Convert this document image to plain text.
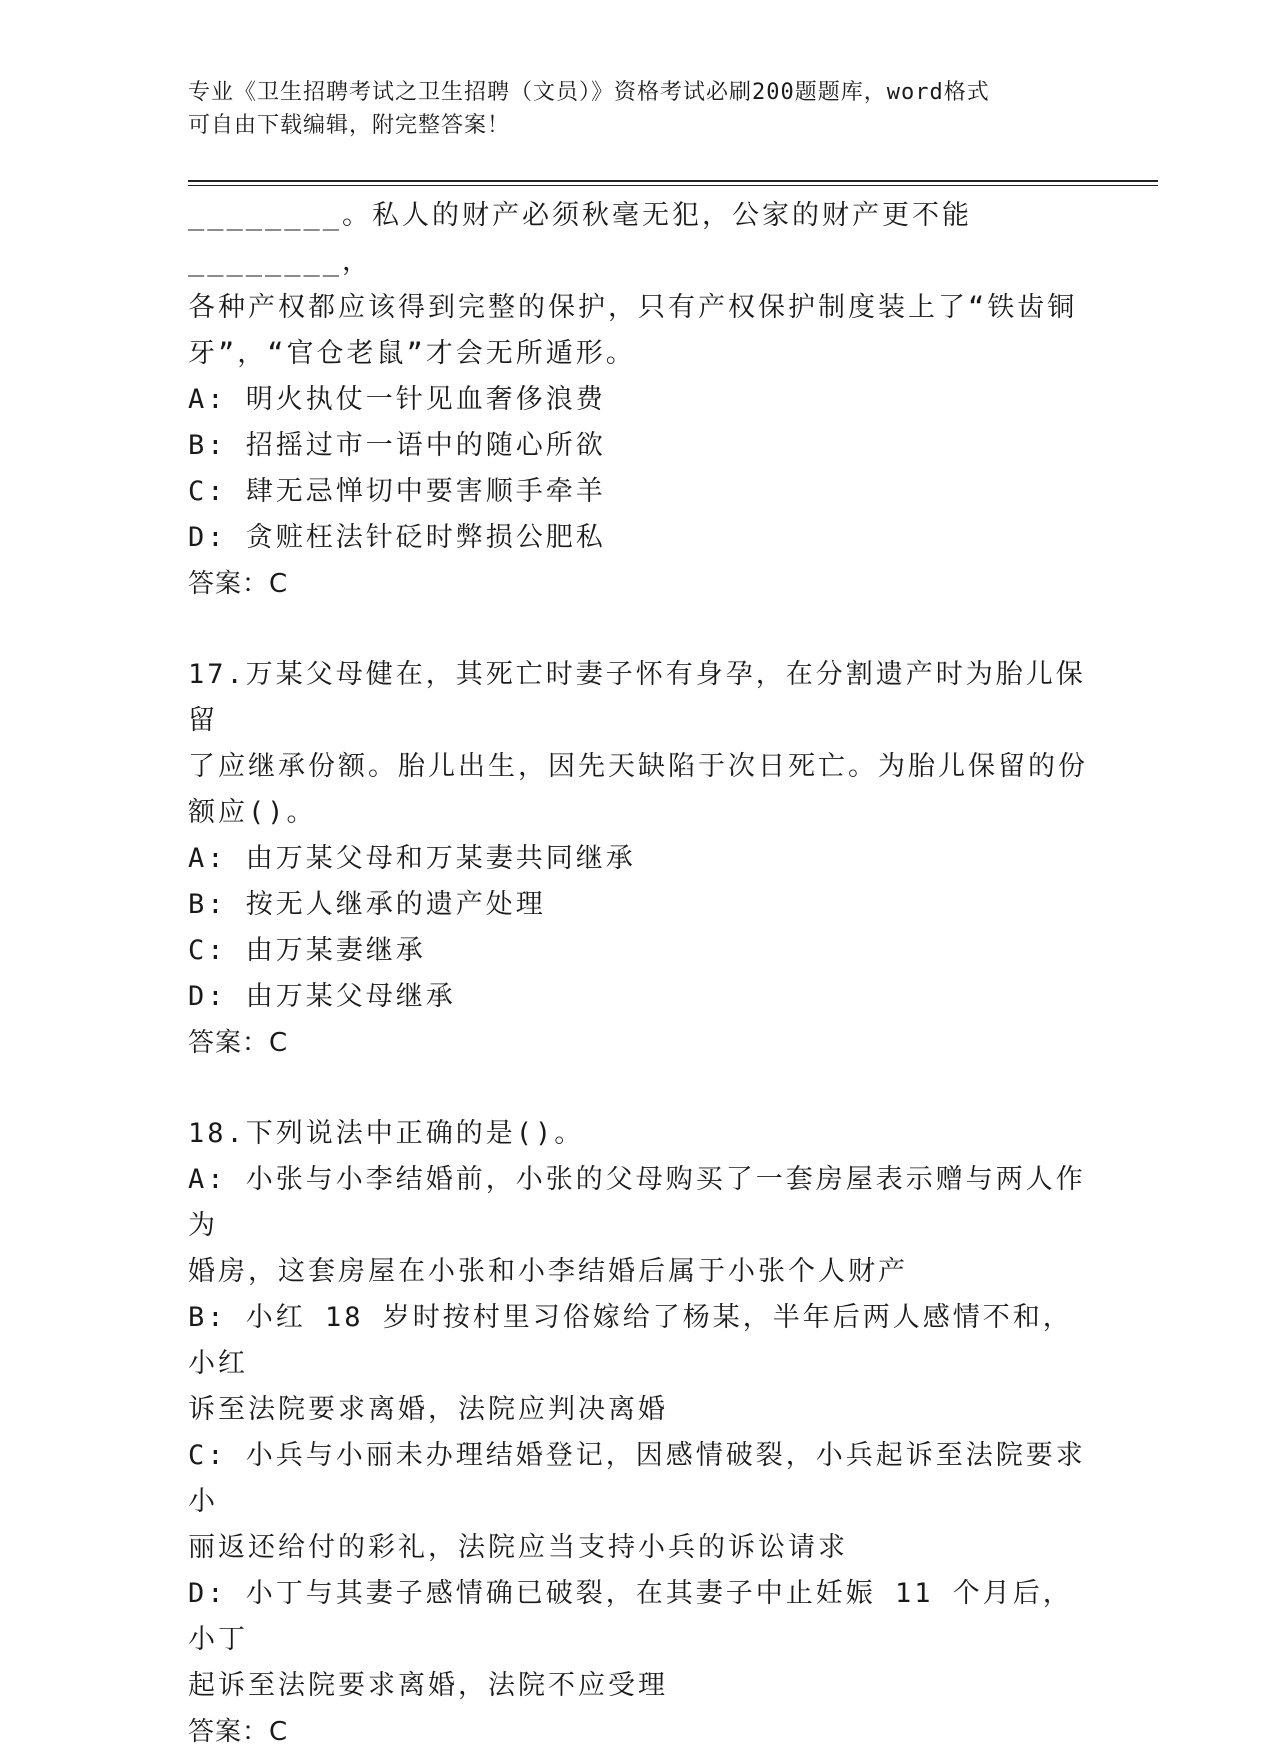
专业《卫生招聘考试之卫生招聘（文员）》资格考试必刷200题题库，word格式
可自由下载编辑，附完整答案！

________。私人的财产必须秋毫无犯，公家的财产更不能________，

各种产权都应该得到完整的保护，只有产权保护制度装上了“铁齿铜

牙”，“官仓老鼠”才会无所遁形。

A: 明火执仗一针见血奢侈浪费

B: 招摇过市一语中的随心所欲

C: 肆无忌惮切中要害顺手牵羊

D: 贪赃枉法针砭时弊损公肥私

答案：C

17.万某父母健在，其死亡时妻子怀有身孕，在分割遗产时为胎儿保留

了应继承份额。胎儿出生，因先天缺陷于次日死亡。为胎儿保留的份

额应()。

A: 由万某父母和万某妻共同继承

B: 按无人继承的遗产处理

C: 由万某妻继承

D: 由万某父母继承

答案：C

18.下列说法中正确的是()。

A: 小张与小李结婚前，小张的父母购买了一套房屋表示赠与两人作为

婚房，这套房屋在小张和小李结婚后属于小张个人财产

B: 小红 18 岁时按村里习俗嫁给了杨某，半年后两人感情不和，小红

诉至法院要求离婚，法院应判决离婚

C: 小兵与小丽未办理结婚登记，因感情破裂，小兵起诉至法院要求小

丽返还给付的彩礼，法院应当支持小兵的诉讼请求

D: 小丁与其妻子感情确已破裂，在其妻子中止妊娠 11 个月后，小丁

起诉至法院要求离婚，法院不应受理

答案：C
